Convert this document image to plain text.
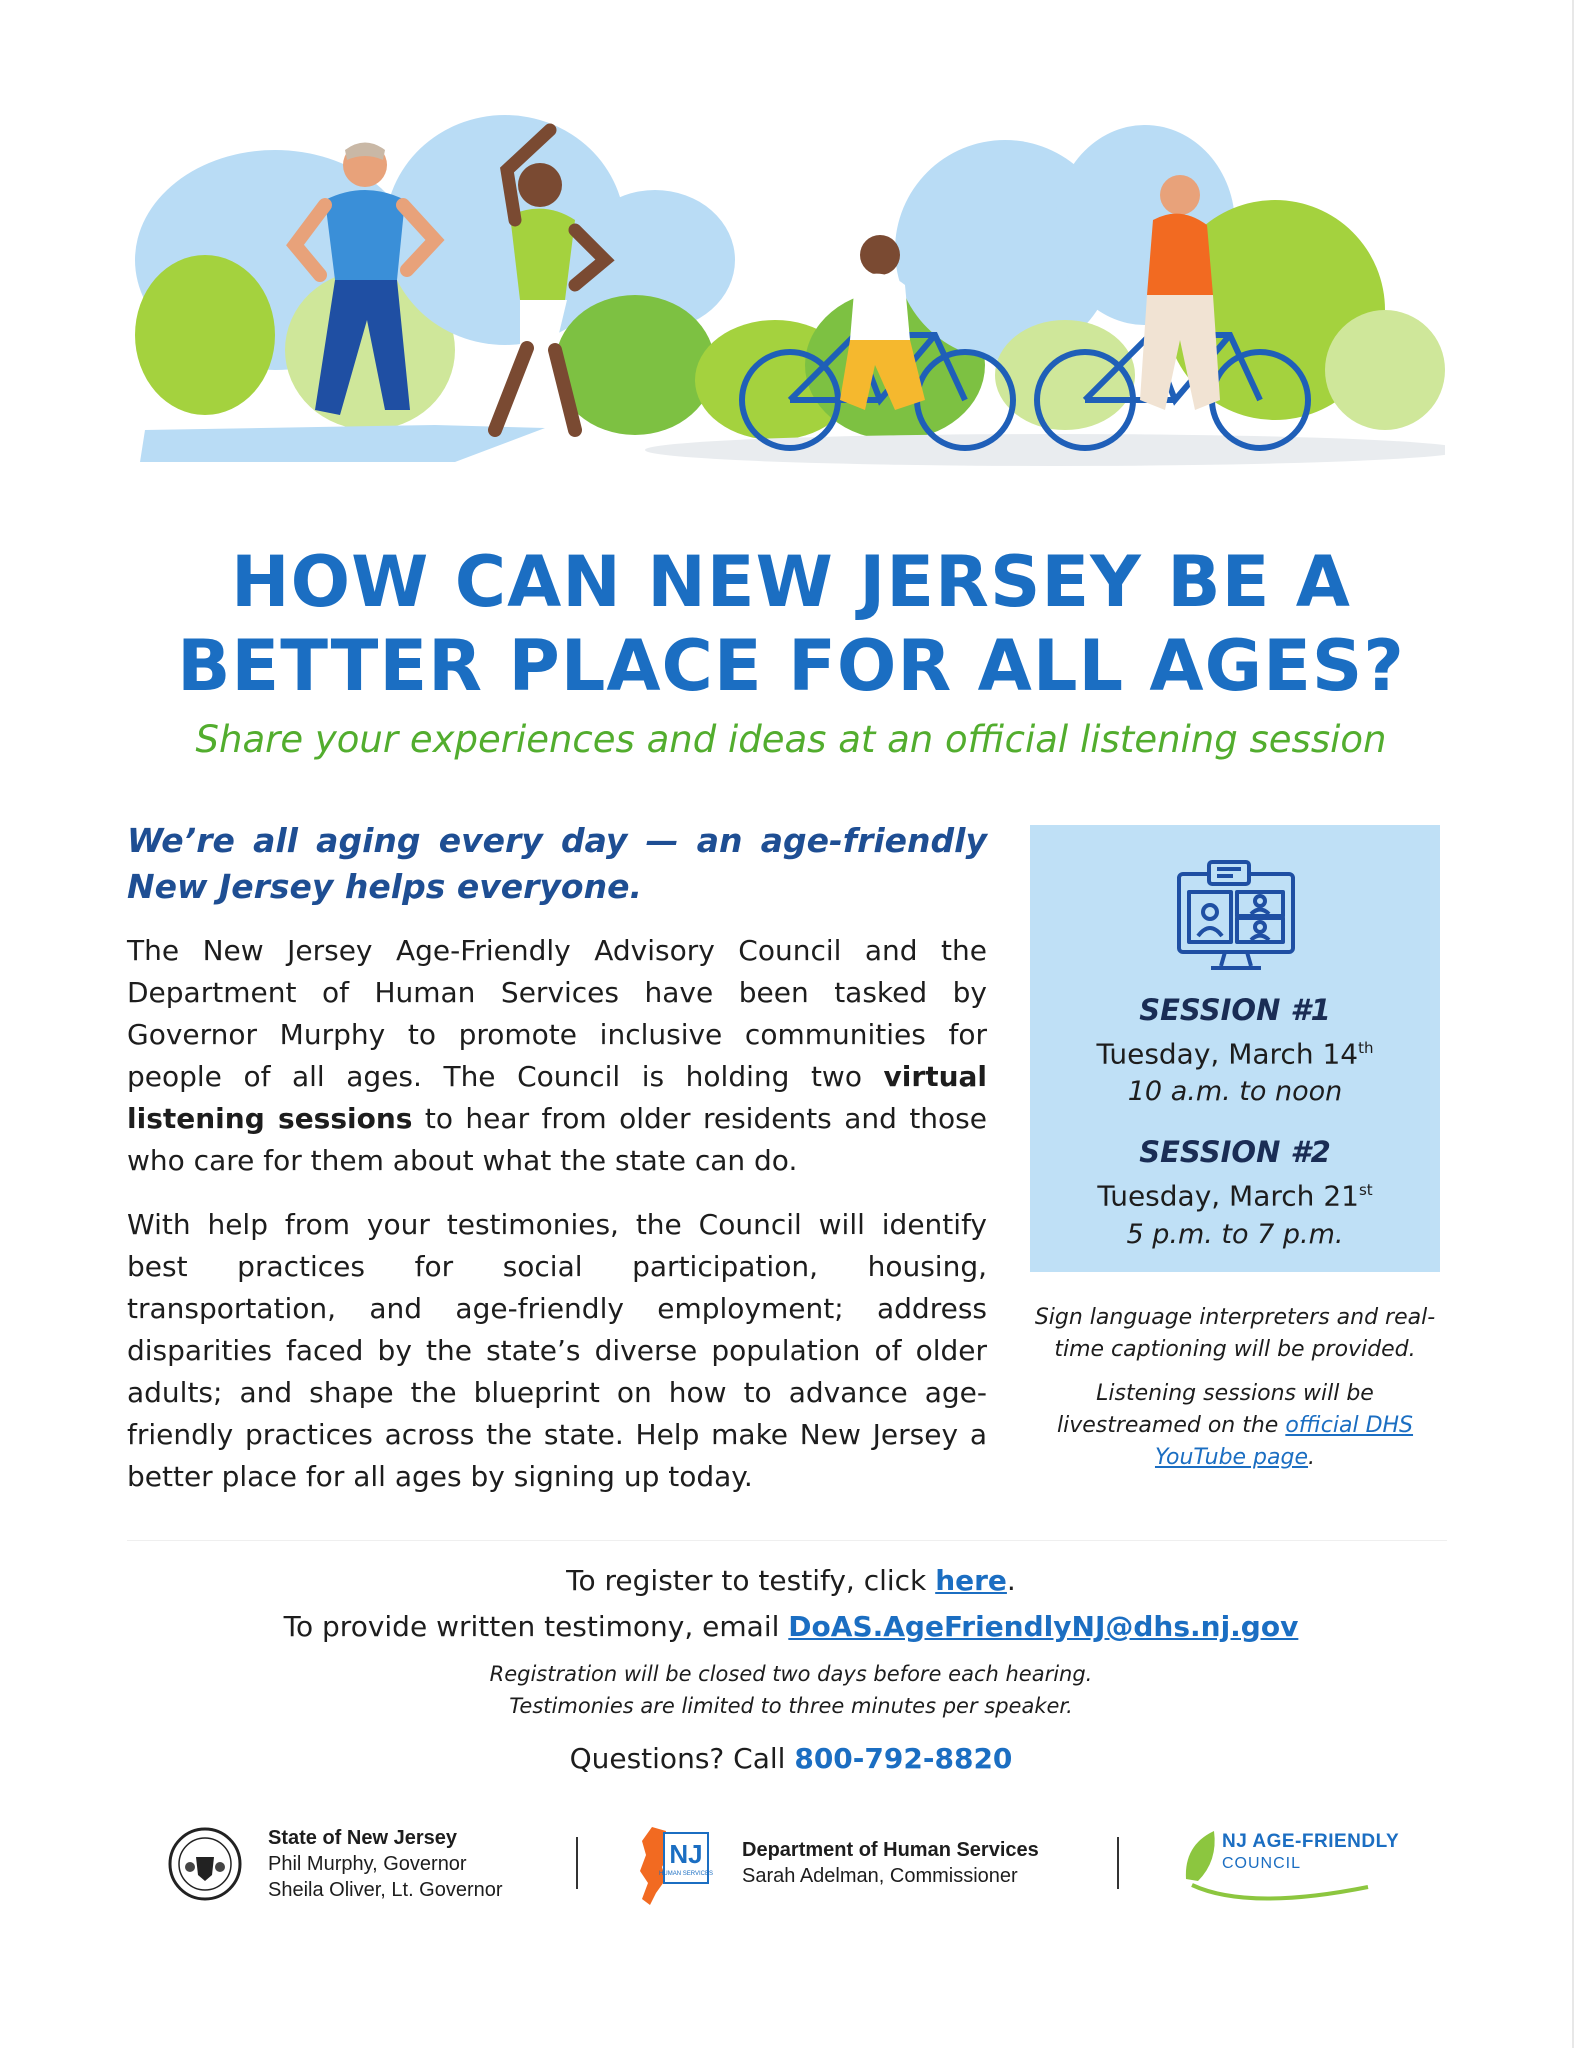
HOW CAN NEW JERSEY BE A
BETTER PLACE FOR ALL AGES?

Share your experiences and ideas at an official listening session

We’re all aging every day — an age-friendly New Jersey helps everyone.

The New Jersey Age-Friendly Advisory Council and the Department of Human Services have been tasked by Governor Murphy to promote inclusive communities for people of all ages. The Council is holding two virtual listening sessions to hear from older residents and those who care for them about what the state can do.

With help from your testimonies, the Council will identify best practices for social participation, housing, transportation, and age-friendly employment; address disparities faced by the state’s diverse population of older adults; and shape the blueprint on how to advance age-friendly practices across the state. Help make New Jersey a better place for all ages by signing up today.

SESSION #1

Tuesday, March 14th

10 a.m. to noon

SESSION #2

Tuesday, March 21st

5 p.m. to 7 p.m.

Sign language interpreters and real-time captioning will be provided.

Listening sessions will be livestreamed on the official DHS YouTube page.

To register to testify, click here.

To provide written testimony, email DoAS.AgeFriendlyNJ@dhs.nj.gov

Registration will be closed two days before each hearing.

Testimonies are limited to three minutes per speaker.

Questions? Call 800-792-8820

State of New Jersey
Phil Murphy, Governor
Sheila Oliver, Lt. Governor
NJ
HUMAN SERVICES
Department of Human Services
Sarah Adelman, Commissioner
NJ AGE-FRIENDLY
COUNCIL
